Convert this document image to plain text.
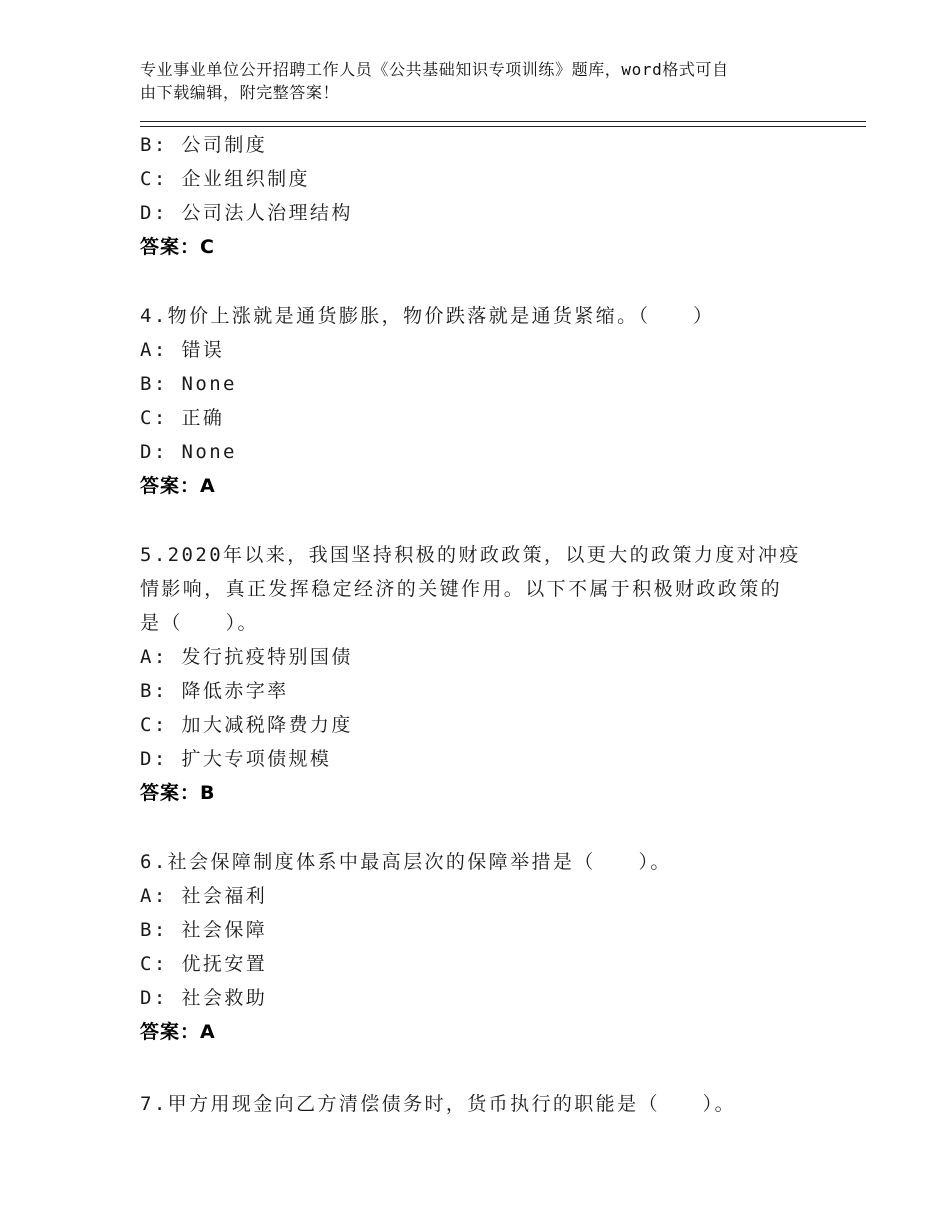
专业事业单位公开招聘工作人员《公共基础知识专项训练》题库，word格式可自
由下载编辑，附完整答案！
B: 公司制度
C: 企业组织制度
D: 公司法人治理结构
答案：C
4.物价上涨就是通货膨胀，物价跌落就是通货紧缩。（　　）
A: 错误
B: None
C: 正确
D: None
答案：A
5.2020年以来，我国坚持积极的财政政策，以更大的政策力度对冲疫
情影响，真正发挥稳定经济的关键作用。以下不属于积极财政政策的
是（　　）。
A: 发行抗疫特别国债
B: 降低赤字率
C: 加大减税降费力度
D: 扩大专项债规模
答案：B
6.社会保障制度体系中最高层次的保障举措是（　　）。
A: 社会福利
B: 社会保障
C: 优抚安置
D: 社会救助
答案：A
7.甲方用现金向乙方清偿债务时，货币执行的职能是（　　）。
